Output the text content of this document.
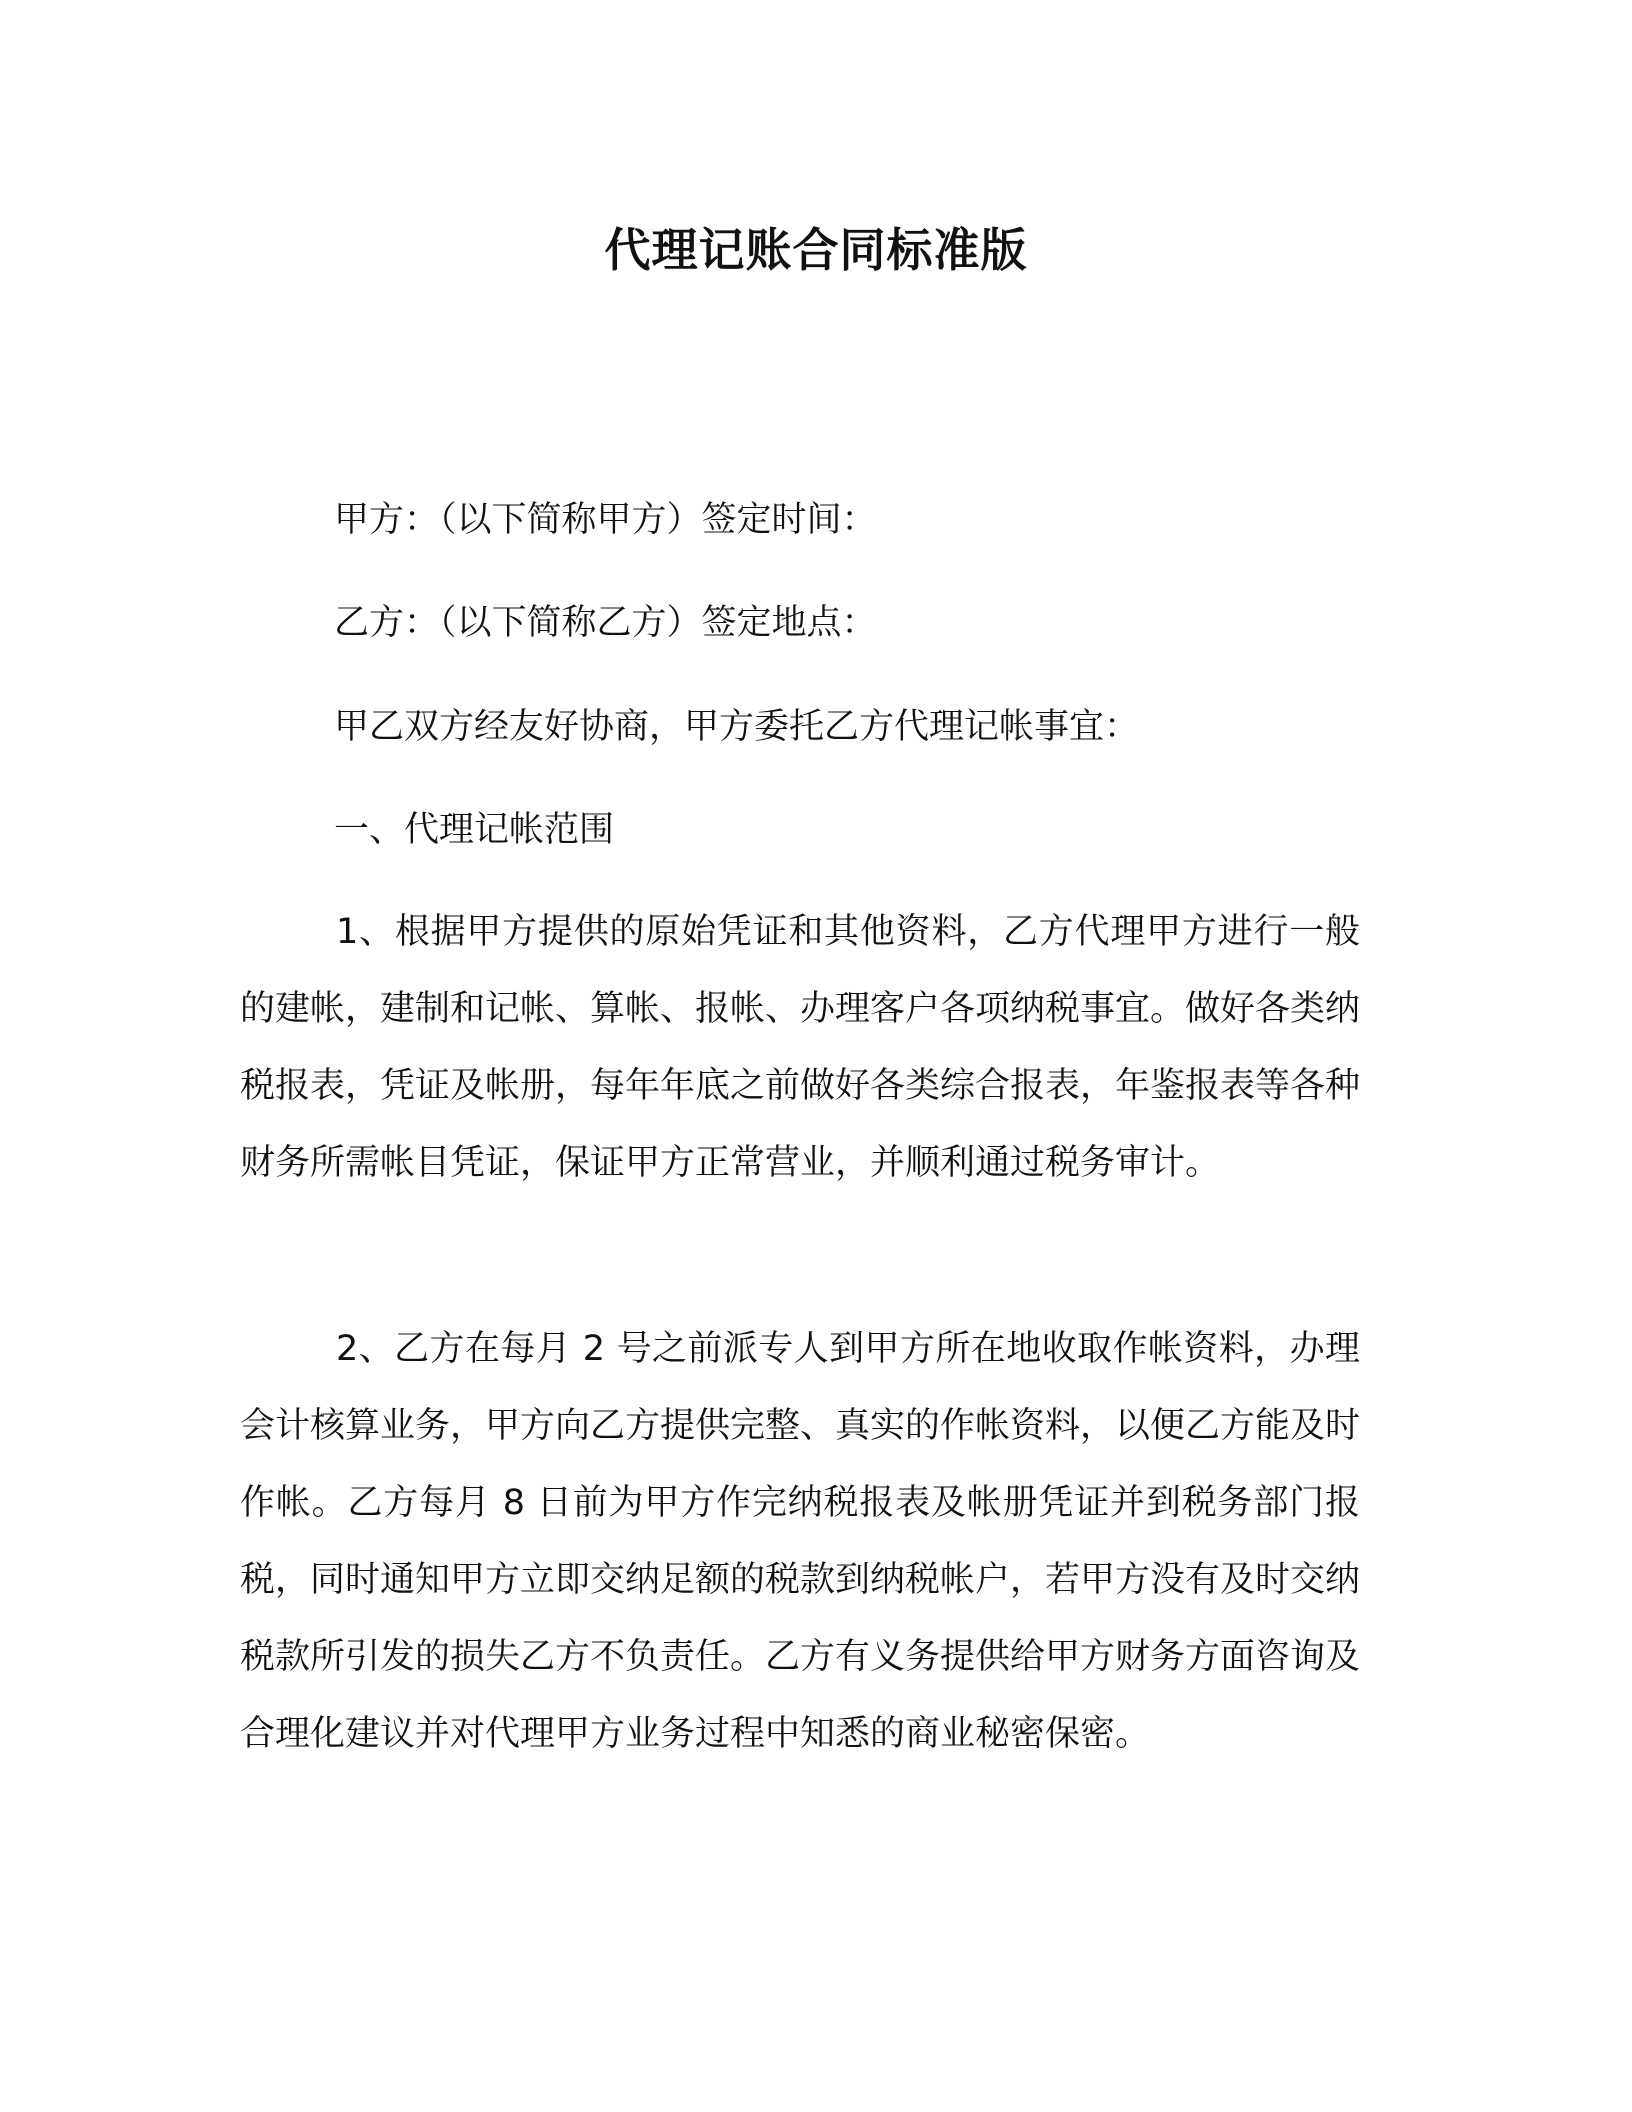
代理记账合同标准版
甲方：（以下简称甲方）签定时间：
乙方：（以下简称乙方）签定地点：
甲乙双方经友好协商，甲方委托乙方代理记帐事宜：
一、代理记帐范围
1、根据甲方提供的原始凭证和其他资料，乙方代理甲方进行一般的建帐，建制和记帐、算帐、报帐、办理客户各项纳税事宜。做好各类纳税报表，凭证及帐册，每年年底之前做好各类综合报表，年鉴报表等各种财务所需帐目凭证，保证甲方正常营业，并顺利通过税务审计。
2、乙方在每月 2 号之前派专人到甲方所在地收取作帐资料，办理会计核算业务，甲方向乙方提供完整、真实的作帐资料，以便乙方能及时作帐。乙方每月 8 日前为甲方作完纳税报表及帐册凭证并到税务部门报税，同时通知甲方立即交纳足额的税款到纳税帐户，若甲方没有及时交纳税款所引发的损失乙方不负责任。乙方有义务提供给甲方财务方面咨询及合理化建议并对代理甲方业务过程中知悉的商业秘密保密。
